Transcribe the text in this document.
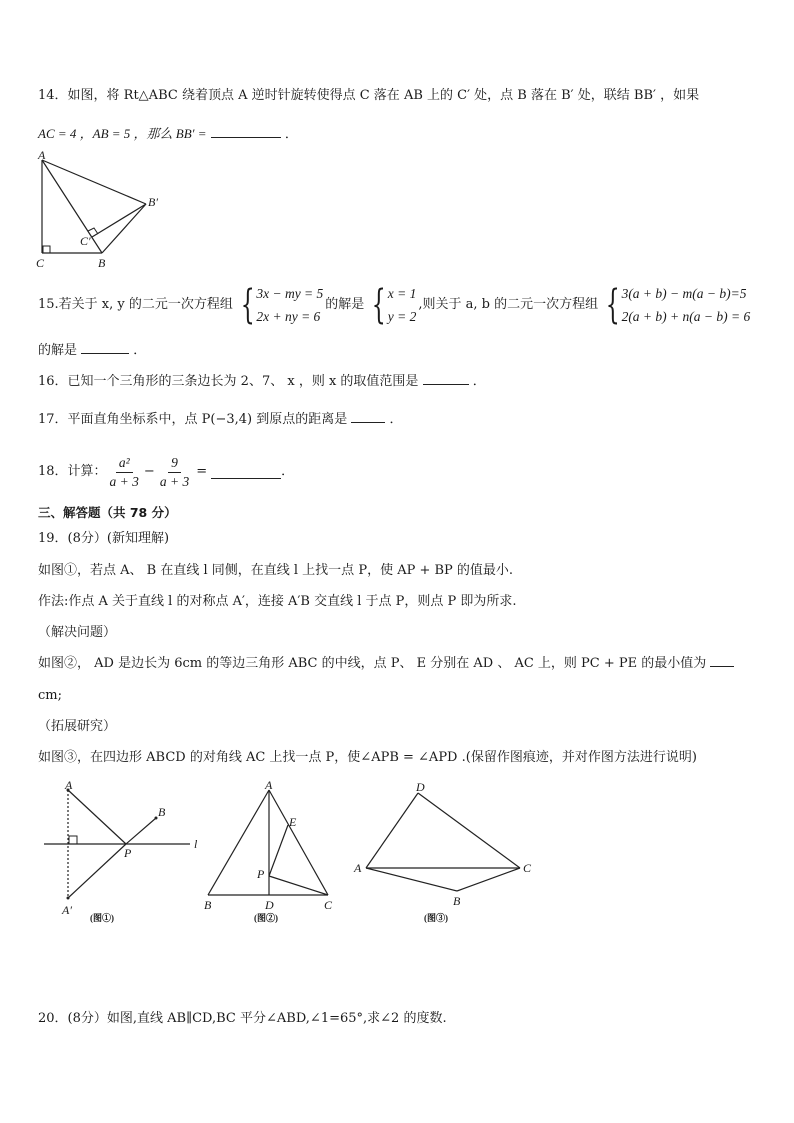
14．如图，将 Rt△ABC 绕着顶点 A 逆时针旋转使得点 C 落在 AB 上的 C′ 处，点 B 落在 B′ 处，联结 BB′ ，如果
AC = 4 ，AB = 5 ，那么 BB′ =	．
A
B′
C′
C	B
15.若关于 x, y 的二元一次方程组 { 3x − my = 5
2x + ny = 6
的解是 { x = 1
y = 2
,则关于 a, b 的二元一次方程组 { 3(a + b) − m(a − b)=5
2(a + b) + n(a − b) = 6
的解是	．
16．已知一个三角形的三条边长为 2、7、 x ，则 x 的取值范围是	．
17．平面直角坐标系中，点 P(−3,4) 到原点的距离是	．
18．计算： $\frac{\text{a²}}{a + 3} - \frac{9}{a + 3}$ =	．
三、解答题（共 78 分）
19．(8分）(新知理解)
如图①，若点 A、 B 在直线 l 同侧，在直线 l 上找一点 P，使 AP + BP 的值最小.
作法:作点 A 关于直线 l 的对称点 A′，连接 A′B 交直线 l 于点 P，则点 P 即为所求.
（解决问题）
如图②， AD 是边长为 6cm 的等边三角形 ABC 的中线，点 P、 E 分别在 AD 、 AC 上，则 PC + PE 的最小值为
cm;
（拓展研究）
如图③，在四边形 ABCD 的对角线 AC 上找一点 P，使∠APB = ∠APD .(保留作图痕迹，并对作图方法进行说明)
A
B
P
l
A′
(图①)
A
E
P
B	D	C
(图②)
D
A	C
B
(图③)
20．(8分）如图,直线 AB∥CD,BC 平分∠ABD,∠1=65°,求∠2 的度数.
